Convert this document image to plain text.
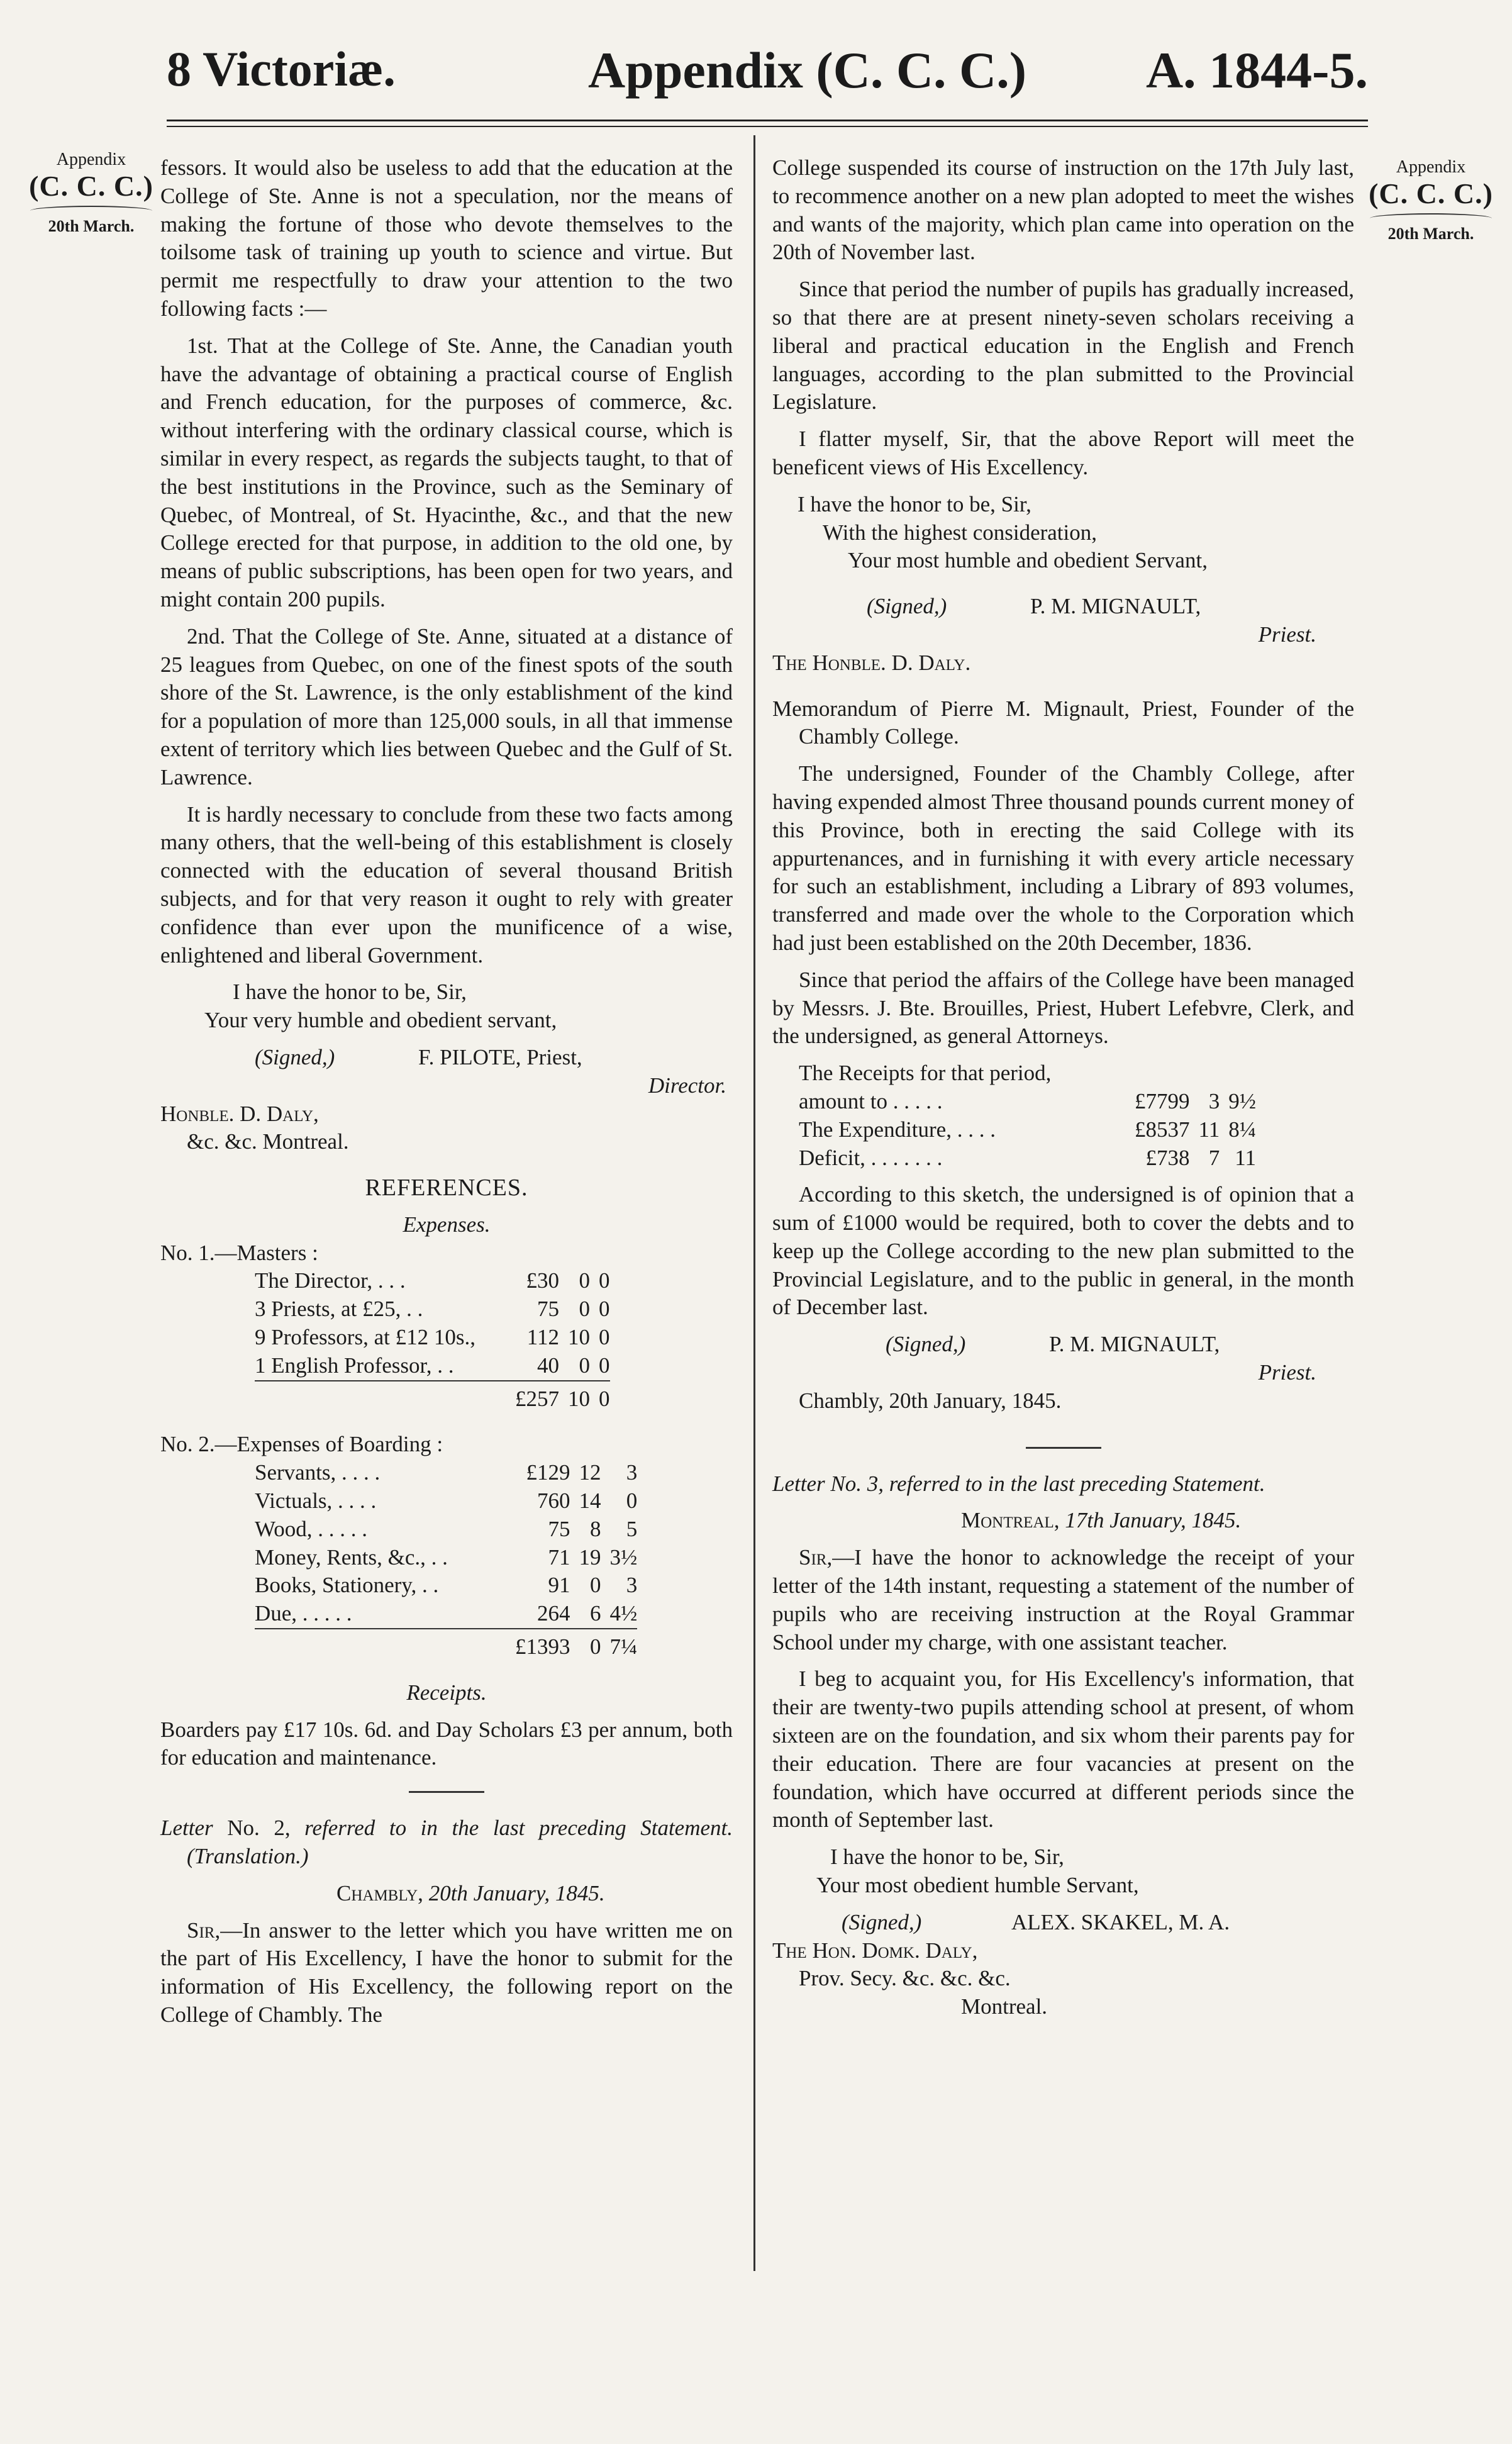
8 Victoriæ.	Appendix (C. C. C.) A. 1844-5.
Appendix
(C. C. C.)
20th March.
Appendix
(C. C. C.)
20th March.

fessors. It would also be useless to add that the education at the College of Ste. Anne is not a speculation, nor the means of making the fortune of those who devote themselves to the toilsome task of training up youth to science and virtue. But permit me respectfully to draw your attention to the two following facts :—

1st. That at the College of Ste. Anne, the Canadian youth have the advantage of obtaining a practical course of English and French education, for the purposes of commerce, &c. without interfering with the ordinary classical course, which is similar in every respect, as regards the subjects taught, to that of the best institutions in the Province, such as the Seminary of Quebec, of Montreal, of St. Hyacinthe, &c., and that the new College erected for that purpose, in addition to the old one, by means of public subscriptions, has been open for two years, and might contain 200 pupils.

2nd. That the College of Ste. Anne, situated at a distance of 25 leagues from Quebec, on one of the finest spots of the south shore of the St. Lawrence, is the only establishment of the kind for a population of more than 125,000 souls, in all that immense extent of territory which lies between Quebec and the Gulf of St. Lawrence.

It is hardly necessary to conclude from these two facts among many others, that the well-being of this establishment is closely connected with the education of several thousand British subjects, and for that very reason it ought to rely with greater confidence than ever upon the munificence of a wise, enlightened and liberal Government.

I have the honor to be, Sir,

Your very humble and obedient servant,

(Signed,)	F. PILOTE, Priest,

Director.

Honble. D. Daly,

&c. &c. Montreal.

REFERENCES.

Expenses.

No. 1.—Masters :

The Director, . . .	£30	0	0
3 Priests, at £25, . .	75	0	0
9 Professors, at £12 10s.,	112	10	0
1 English Professor, . .	40	0	0
	£257	10	0

No. 2.—Expenses of Boarding :

Servants, . . . .	£129	12	3
Victuals, . . . .	760	14	0
Wood, . . . . .	75	8	5
Money, Rents, &c., . .	71	19	3½
Books, Stationery, . .	91	0	3
Due, . . . . .	264	6	4½
	£1393	0	7¼

Receipts.

Boarders pay £17 10s. 6d. and Day Scholars £3 per annum, both for education and maintenance.

Letter No. 2, referred to in the last preceding Statement. (Translation.)

Chambly, 20th January, 1845.

Sir,—In answer to the letter which you have written me on the part of His Excellency, I have the honor to submit for the information of His Excellency, the following report on the College of Chambly. The

College suspended its course of instruction on the 17th July last, to recommence another on a new plan adopted to meet the wishes and wants of the majority, which plan came into operation on the 20th of November last.

Since that period the number of pupils has gradually increased, so that there are at present ninety-seven scholars receiving a liberal and practical education in the English and French languages, according to the plan submitted to the Provincial Legislature.

I flatter myself, Sir, that the above Report will meet the beneficent views of His Excellency.

I have the honor to be, Sir,

With the highest consideration,

Your most humble and obedient Servant,

(Signed,)	P. M. MIGNAULT,

Priest.

The Honble. D. Daly.

Memorandum of Pierre M. Mignault, Priest, Founder of the Chambly College.

The undersigned, Founder of the Chambly College, after having expended almost Three thousand pounds current money of this Province, both in erecting the said College with its appurtenances, and in furnishing it with every article necessary for such an establishment, including a Library of 893 volumes, transferred and made over the whole to the Corporation which had just been established on the 20th December, 1836.

Since that period the affairs of the College have been managed by Messrs. J. Bte. Brouilles, Priest, Hubert Lefebvre, Clerk, and the undersigned, as general Attorneys.

The Receipts for that period,

amount to . . . . .	£7799	3	9½
The Expenditure, . . . .	£8537	11	8¼
Deficit, . . . . . . .	£738	7	11

According to this sketch, the undersigned is of opinion that a sum of £1000 would be required, both to cover the debts and to keep up the College according to the new plan submitted to the Provincial Legislature, and to the public in general, in the month of December last.

(Signed,)	P. M. MIGNAULT,

Priest.

Chambly, 20th January, 1845.

Letter No. 3, referred to in the last preceding Statement.

Montreal, 17th January, 1845.

Sir,—I have the honor to acknowledge the receipt of your letter of the 14th instant, requesting a statement of the number of pupils who are receiving instruction at the Royal Grammar School under my charge, with one assistant teacher.

I beg to acquaint you, for His Excellency's information, that their are twenty-two pupils attending school at present, of whom sixteen are on the foundation, and six whom their parents pay for their education. There are four vacancies at present on the foundation, which have occurred at different periods since the month of September last.

I have the honor to be, Sir,

Your most obedient humble Servant,

(Signed,)	ALEX. SKAKEL, M. A.

The Hon. Domk. Daly,

Prov. Secy. &c. &c. &c.

Montreal.
